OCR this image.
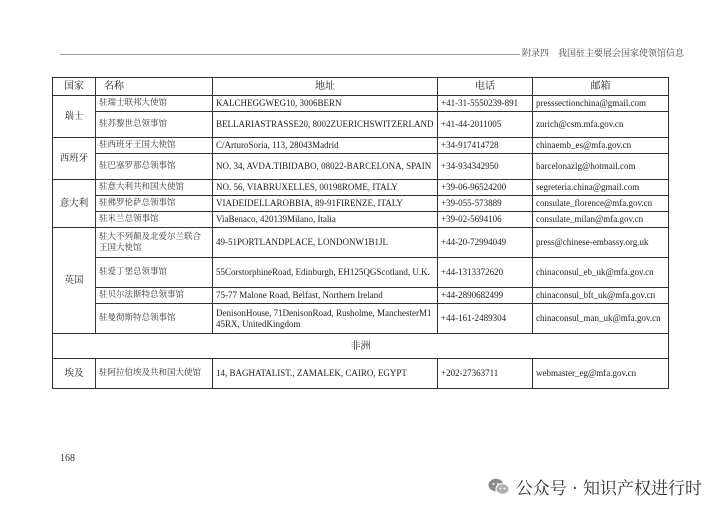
附录四　我国驻主要展会国家使领馆信息
国家	名称	地址	电话	邮箱
瑞士	驻瑞士联邦大使馆	KALCHEGGWEG10, 3006BERN	+41-31-5550239-891	presssectionchina@gmail.com
	驻苏黎世总领事馆	BELLARIASTRASSE20, 8002ZUERICHSWITZERLAND	+41-44-2011005	zurich@csm.mfa.gov.cn
西班牙	驻西班牙王国大使馆	C/ArturoSoria, 113, 28043Madrid	+34-917414728	chinaemb_es@mfa.gov.cn
	驻巴塞罗那总领事馆	NO. 34, AVDA.TIBIDABO, 08022-BARCELONA, SPAIN	+34-934342950	barcelonazlg@hotmail.com
意大利	驻意大利共和国大使馆	NO. 56, VIABRUXELLES, 00198ROME, ITALY	+39-06-96524200	segreteria.china@gmail.com
	驻佛罗伦萨总领事馆	VIADEIDELLAROBBIA, 89-91FIRENZE, ITALY	+39-055-573889	consulate_florence@mfa.gov.cn
	驻米兰总领事馆	ViaBenaco, 420139Milano, Italia	+39-02-5694106	consulate_milan@mfa.gov.cn
英国	驻大不列颠及北爱尔兰联合王国大使馆	49-51PORTLANDPLACE, LONDONW1B1JL	+44-20-72994049	press@chinese-embassy.org.uk
	驻爱丁堡总领事馆	55CorstorphineRoad, Edinburgh, EH125QGScotland, U.K.	+44-1313372620	chinaconsul_eb_uk@mfa.gov.cn
	驻贝尔法斯特总领事馆	75-77 Malone Road, Belfast, Northern Ireland	+44-2890682499	chinaconsul_bft_uk@mfa.gov.cn
	驻曼彻斯特总领事馆	DenisonHouse, 71DenisonRoad, Rusholme, ManchesterM145RX, UnitedKingdom	+44-161-2489304	chinaconsul_man_uk@mfa.gov.cn
非洲				
埃及	驻阿拉伯埃及共和国大使馆	14, BAGHATALIST., ZAMALEK, CAIRO, EGYPT	+202-27363711	webmaster_eg@mfa.gov.cn
168
公众号 · 知识产权进行时
